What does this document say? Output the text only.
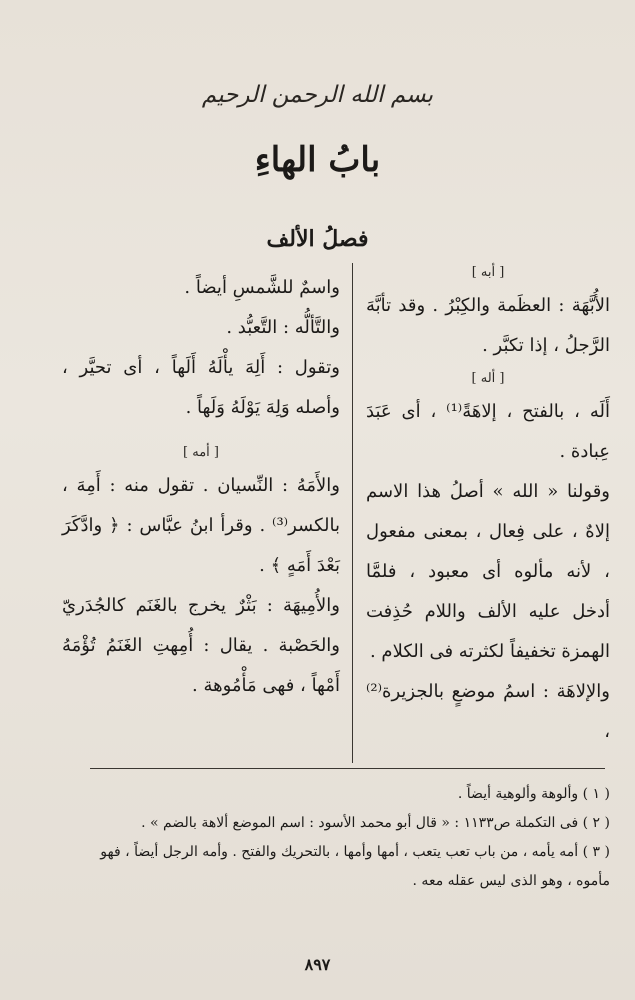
بسم الله الرحمن الرحيم
بابُ الهاءِ
فصلُ الألف
[ أبه ]

الأُبَّهَة : العظَمة والكِبْرُ . وقد تأبَّهَ الرَّجلُ ، إذا تكبَّر .

[ أله ]

أَلَه ، بالفتح ، إلاهَةً⁽¹⁾ ، أى عَبَدَ عِبادة .

وقولنا « الله » أصلُ هذا الاسم إلاهٌ ، على فِعال ، بمعنى مفعول ، لأنه مألوه أى معبود ، فلمَّا أدخل عليه الألف واللام حُذِفت الهمزة تخفيفاً لكثرته فى الكلام .

والإلاهَة : اسمُ موضعٍ بالجزيرة⁽²⁾ ،

واسمٌ للشَّمسِ أيضاً .

والتَّألُّه : التَّعبُّد .

وتقول : أَلِهَ يأْلَهُ أَلَهاً ، أى تحيَّر ، وأصله وَلِهَ يَوْلَهُ وَلَهاً .

[ أمه ]

والأَمَهُ : النِّسيان . تقول منه : أَمِهَ ، بالكسر⁽³⁾ . وقرأ ابنُ عبَّاس : ﴿ وادَّكَرَ بَعْدَ أَمَهٍ ﴾ .

والأُمِيهَة : بَثْرٌ يخرج بالغَنَم كالجُدَريّ والحَصْبة . يقال : أُمِهتِ الغَنَمُ تُؤْمَهُ أَمْهاً ، فهى مَأْمُوهة .

( ١ ) وألوهة وألوهية أيضاً .

( ٢ ) فى التكملة ص١١٣٣ : « قال أبو محمد الأسود : اسم الموضع ألاهة بالضم » .

( ٣ ) أمه يأمه ، من باب تعب يتعب ، أمها وأمها ، بالتحريك والفتح . وأمه الرجل أيضاً ، فهو مأموه ، وهو الذى ليس عقله معه .

٨٩٧
